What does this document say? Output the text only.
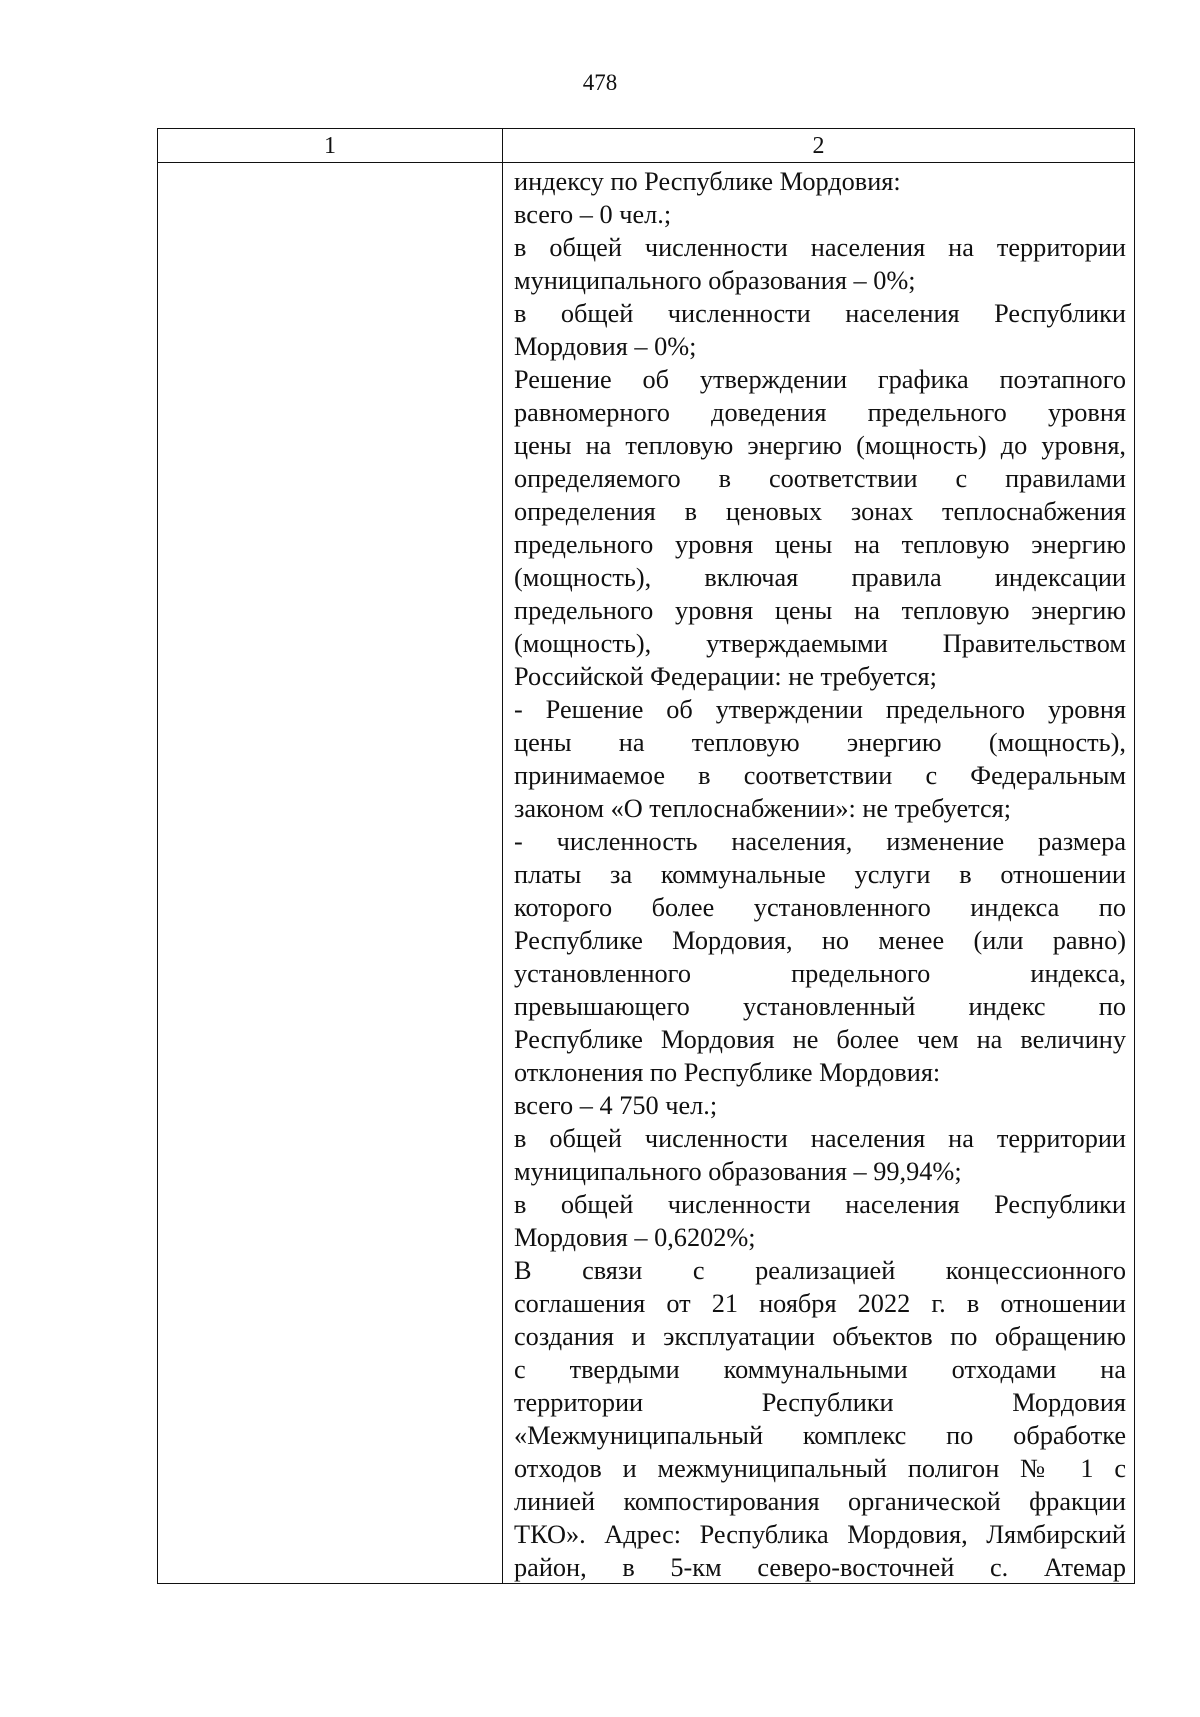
478
1	2
индексу по Республике Мордовия:
всего – 0 чел.;
в общей численности населения на территории
муниципального образования – 0%;
в общей численности населения Республики
Мордовия – 0%;
Решение об утверждении графика поэтапного
равномерного доведения предельного уровня
цены на тепловую энергию (мощность) до уровня,
определяемого в соответствии с правилами
определения в ценовых зонах теплоснабжения
предельного уровня цены на тепловую энергию
(мощность), включая правила индексации
предельного уровня цены на тепловую энергию
(мощность), утверждаемыми Правительством
Российской Федерации: не требуется;
- Решение об утверждении предельного уровня
цены на тепловую энергию (мощность),
принимаемое в соответствии с Федеральным
законом «О теплоснабжении»: не требуется;
- численность населения, изменение размера
платы за коммунальные услуги в отношении
которого более установленного индекса по
Республике Мордовия, но менее (или равно)
установленного предельного индекса,
превышающего установленный индекс по
Республике Мордовия не более чем на величину
отклонения по Республике Мордовия:
всего – 4 750 чел.;
в общей численности населения на территории
муниципального образования – 99,94%;
в общей численности населения Республики
Мордовия – 0,6202%;
В связи с реализацией концессионного
соглашения от 21 ноября 2022 г. в отношении
создания и эксплуатации объектов по обращению
с твердыми коммунальными отходами на
территории Республики Мордовия
«Межмуниципальный комплекс по обработке
отходов и межмуниципальный полигон № 1 с
линией компостирования органической фракции
ТКО». Адрес: Республика Мордовия, Лямбирский
район, в 5-км северо-восточней с. Атемар
